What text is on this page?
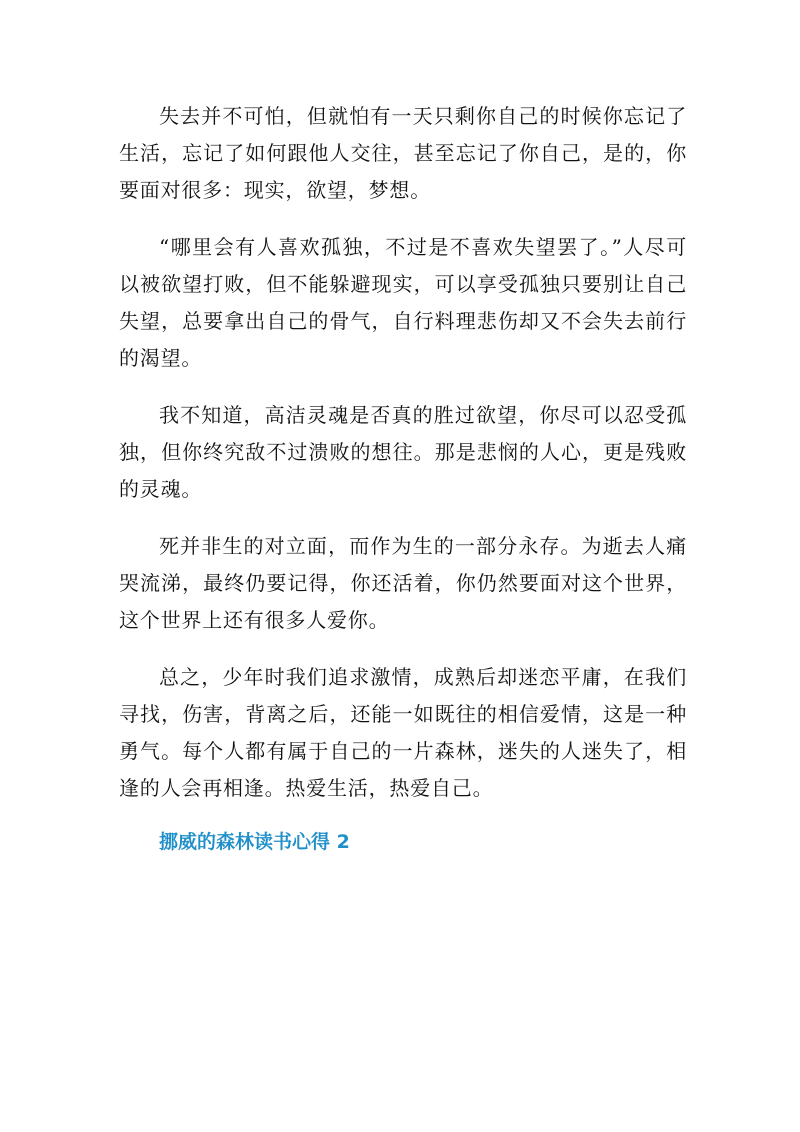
失去并不可怕，但就怕有一天只剩你自己的时候你忘记了生活，忘记了如何跟他人交往，甚至忘记了你自己，是的，你要面对很多：现实，欲望，梦想。

“哪里会有人喜欢孤独，不过是不喜欢失望罢了。”人尽可以被欲望打败，但不能躲避现实，可以享受孤独只要别让自己失望，总要拿出自己的骨气，自行料理悲伤却又不会失去前行的渴望。

我不知道，高洁灵魂是否真的胜过欲望，你尽可以忍受孤独，但你终究敌不过溃败的想往。那是悲悯的人心，更是残败的灵魂。

死并非生的对立面，而作为生的一部分永存。为逝去人痛哭流涕，最终仍要记得，你还活着，你仍然要面对这个世界，这个世界上还有很多人爱你。

总之，少年时我们追求激情，成熟后却迷恋平庸，在我们寻找，伤害，背离之后，还能一如既往的相信爱情，这是一种勇气。每个人都有属于自己的一片森林，迷失的人迷失了，相逢的人会再相逢。热爱生活，热爱自己。

挪威的森林读书心得 2
